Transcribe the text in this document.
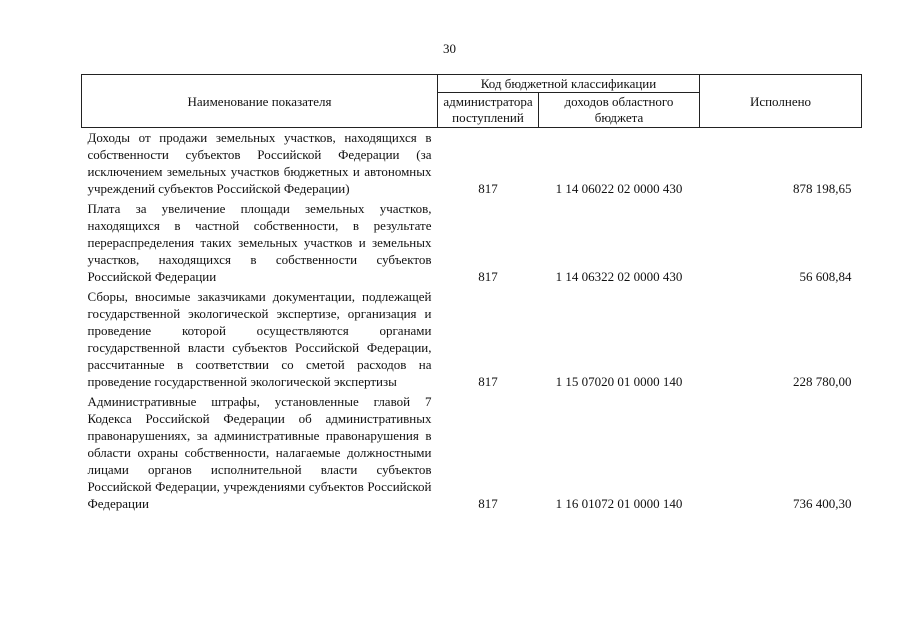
30
Наименование показателя	Код бюджетной классификации		Исполнено
	администратора поступлений	доходов областного бюджета	
Доходы от продажи земельных участков, находящихся в собственности субъектов Российской Федерации (за исключением земельных участков бюджетных и автономных учреждений субъектов Российской Федерации)	817	1 14 06022 02 0000 430	878 198,65
Плата за увеличение площади земельных участков, находящихся в частной собственности, в результате перераспределения таких земельных участков и земельных участков, находящихся в собственности субъектов Российской Федерации	817	1 14 06322 02 0000 430	56 608,84
Сборы, вносимые заказчиками документации, подлежащей государственной экологической экспертизе, организация и проведение которой осуществляются органами государственной власти субъектов Российской Федерации, рассчитанные в соответствии со сметой расходов на проведение государственной экологической экспертизы	817	1 15 07020 01 0000 140	228 780,00
Административные штрафы, установленные главой 7 Кодекса Российской Федерации об административных правонарушениях, за административные правонарушения в области охраны собственности, налагаемые должностными лицами органов исполнительной власти субъектов Российской Федерации, учреждениями субъектов Российской Федерации	817	1 16 01072 01 0000 140	736 400,30
